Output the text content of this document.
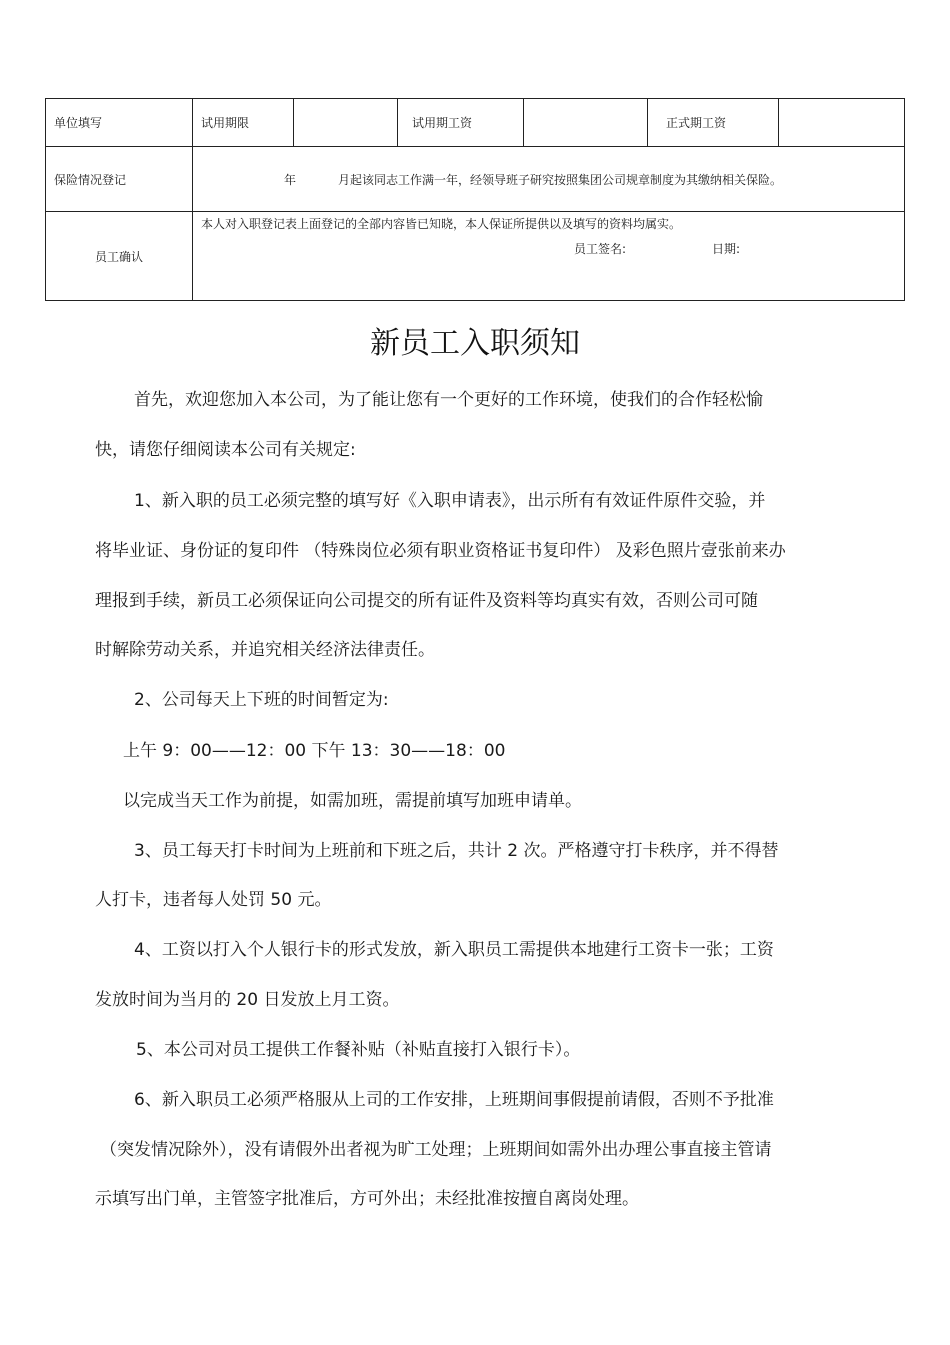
单位填写	试用期限		试用期工资		正式期工资	
保险情况登记	年 月起该同志工作满一年，经领导班子研究按照集团公司规章制度为其缴纳相关保险。					
员工确认	本人对入职登记表上面登记的全部内容皆已知晓，本人保证所提供以及填写的资料均属实。
员工签名: 日期:					
新员工入职须知
首先，欢迎您加入本公司，为了能让您有一个更好的工作环境，使我们的合作轻松愉
快，请您仔细阅读本公司有关规定:
1、新入职的员工必须完整的填写好《入职申请表》，出示所有有效证件原件交验，并
将毕业证、身份证的复印件 （特殊岗位必须有职业资格证书复印件） 及彩色照片壹张前来办
理报到手续，新员工必须保证向公司提交的所有证件及资料等均真实有效，否则公司可随
时解除劳动关系，并追究相关经济法律责任。
2、公司每天上下班的时间暂定为:
上午 9：00——12：00 下午 13：30——18：00
以完成当天工作为前提，如需加班，需提前填写加班申请单。
3、员工每天打卡时间为上班前和下班之后，共计 2 次。严格遵守打卡秩序，并不得替
人打卡，违者每人处罚 50 元。
4、工资以打入个人银行卡的形式发放，新入职员工需提供本地建行工资卡一张；工资
发放时间为当月的 20 日发放上月工资。
5、本公司对员工提供工作餐补贴（补贴直接打入银行卡）。
6、新入职员工必须严格服从上司的工作安排，上班期间事假提前请假，否则不予批准
（突发情况除外），没有请假外出者视为旷工处理；上班期间如需外出办理公事直接主管请
示填写出门单，主管签字批准后，方可外出；未经批准按擅自离岗处理。
